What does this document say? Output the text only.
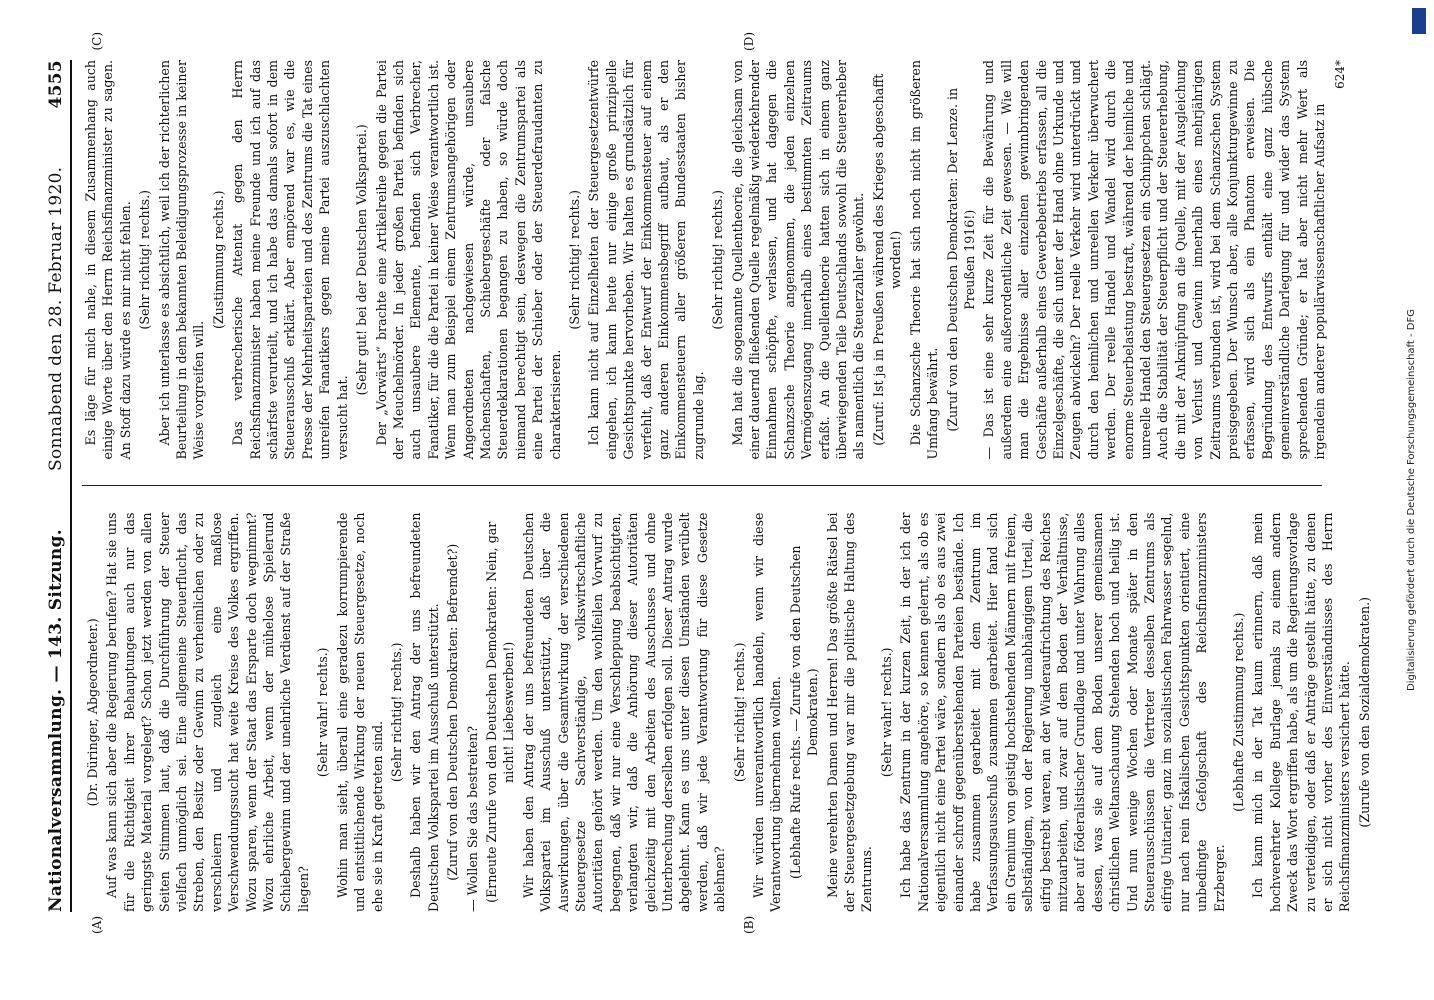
Nationalversammlung. — 143. Sitzung.
Sonnabend den 28. Februar 1920.
4555
(A)	(B)
(C)	(D)

(Dr. Düringer, Abgeordneter.) Auf was kann sich aber die Regierung berufen? Hat sie uns für die Richtigkeit ihrer Behauptungen auch nur das geringste Material vorgelegt? Schon jetzt werden von allen Seiten Stimmen laut, daß die Durchführung der Steuer vielfach unmöglich sei. Eine allgemeine Steuerflucht, das Streben, den Besitz oder Gewinn zu verheimlichen oder zu verschleiern und zugleich eine maßlose Verschwendungssucht hat weite Kreise des Volkes ergriffen. Wozu sparen, wenn der Staat das Ersparte doch wegnimmt? Wozu ehrliche Arbeit, wenn der mühelose Spielerund Schiebergewinn und der unehrliche Verdienst auf der Straße liegen?

(Sehr wahr! rechts.) Wohin man sieht, überall eine geradezu korrumpierende und entsittlichende Wirkung der neuen Steuergesetze, noch ehe sie in Kraft getreten sind.

(Sehr richtig! rechts.) Deshalb haben wir den Antrag der uns befreundeten Deutschen Volkspartei im Ausschuß unterstützt. (Zuruf von den Deutschen Demokraten: Befremdet?) — Wollen Sie das bestreiten? (Erneute Zurufe von den Deutschen Demokraten: Nein, gar nicht! Liebeswerben!) Wir haben den Antrag der uns befreundeten Deutschen Volkspartei im Ausschuß unterstützt, daß über die Auswirkungen, über die Gesamtwirkung der verschiedenen Steuergesetze Sachverständige, volkswirtschaftliche Autoritäten gehört werden. Um den wohlfeilen Vorwurf zu begegnen, daß wir nur eine Verschleppung beabsichtigten, verlangten wir, daß die Anhörung dieser Autoritäten gleichzeitig mit den Arbeiten des Ausschusses und ohne Unterbrechung derselben erfolgen soll. Dieser Antrag wurde abgelehnt. Kann es uns unter diesen Umständen verübelt werden, daß wir jede Verantwortung für diese Gesetze ablehnen?

(Sehr richtig! rechts.) Wir würden unverantwortlich handeln, wenn wir diese Verantwortung übernehmen wollten. (Lebhafte Rufe rechts. — Zurufe von den Deutschen Demokraten.) Meine verehrten Damen und Herren! Das größte Rätsel bei der Steuergesetzgebung war mir die politische Haltung des Zentrums.

(Sehr wahr! rechts.) Ich habe das Zentrum in der kurzen Zeit, in der ich der Nationalversammlung angehöre, so kennen gelernt, als ob es eigentlich nicht eine Partei wäre, sondern als ob es aus zwei einander schroff gegenüberstehenden Parteien bestände. Ich habe zusammen gearbeitet mit dem Zentrum im Verfassungsausschuß zusammen gearbeitet. Hier fand sich ein Gremium von geistig hochstehenden Männern mit freiem, selbständigem, von der Regierung unabhängigem Urteil, die eifrig bestrebt waren, an der Wiederaufrichtung des Reiches mitzuarbeiten, und zwar auf dem Boden der Verhältnisse, aber auf föderalistischer Grundlage und unter Wahrung alles dessen, was sie auf dem Boden unserer gemeinsamen christlichen Weltanschauung Stehenden hoch und heilig ist. Und nun wenige Wochen oder Monate später in den Steuerausschüssen die Vertreter desselben Zentrums als eifrige Unitarier, ganz im sozialistischen Fahrwasser segelnd, nur nach rein fiskalischen Gesichtspunkten orientiert, eine unbedingte Gefolgschaft des Reichsfinanzministers Erzberger.

(Lebhafte Zustimmung rechts.) Ich kann mich in der Tat kaum erinnern, daß mein hochverehrter Kollege Burlage jemals zu einem andern Zweck das Wort ergriffen habe, als um die Regierungsvorlage zu verteidigen, oder daß er Anträge gestellt hätte, zu denen er sich nicht vorher des Einverständnisses des Herrn Reichsfinanzministers versichert hätte. (Zurufe von den Sozialdemokraten.)

Es läge für mich nahe, in diesem Zusammenhang auch einige Worte über den Herrn Reichsfinanzminister zu sagen. An Stoff dazu würde es mir nicht fehlen. (Sehr richtig! rechts.) Aber ich unterlasse es absichtlich, weil ich der richterlichen Beurteilung in dem bekannten Beleidigungsprozesse in keiner Weise vorgreifen will.

(Zustimmung rechts.) Das verbrecherische Attentat gegen den Herrn Reichsfinanzminister haben meine Freunde und ich auf das schärfste verurteilt, und ich habe das damals sofort in dem Steuerausschuß erklärt. Aber empörend war es, wie die Presse der Mehrheitsparteien und des Zentrums die Tat eines unreifen Fanatikers gegen meine Partei auszuschlachten versucht hat.

(Sehr gut! bei der Deutschen Volkspartei.) Der „Vorwärts“ brachte eine Artikelreihe gegen die Partei der Meuchelmörder. In jeder großen Partei befinden sich auch unsaubere Elemente, befinden sich Verbrecher, Fanatiker, für die die Partei in keiner Weise verantwortlich ist. Wenn man zum Beispiel einem Zentrumsangehörigen oder Angeordneten nachgewiesen würde, unsaubere Machenschaften, Schiebergeschäfte oder falsche Steuerdeklarationen begangen zu haben, so würde doch niemand berechtigt sein, deswegen die Zentrumspartei als eine Partei der Schieber oder der Steuerdefraudanten zu charakterisieren.

(Sehr richtig! rechts.) Ich kann nicht auf Einzelheiten der Steuergesetzentwürfe eingehen, ich kann heute nur einige große prinzipielle Gesichtspunkte hervorheben. Wir halten es grundsätzlich für verfehlt, daß der Entwurf der Einkommensteuer auf einem ganz anderen Einkommensbegriff aufbaut, als er den Einkommensteuern aller größeren Bundesstaaten bisher zugrunde lag.

(Sehr richtig! rechts.) Man hat die sogenannte Quellentheorie, die gleichsam von einer dauernd fließenden Quelle regelmäßig wiederkehrender Einnahmen schöpfte, verlassen, und hat dagegen die Schanzsche Theorie angenommen, die jeden einzelnen Vermögenszugang innerhalb eines bestimmten Zeitraums erfaßt. An die Quellentheorie hatten sich in einem ganz überwiegenden Teile Deutschlands sowohl die Steuererheber als namentlich die Steuerzahler gewöhnt. (Zuruf: Ist ja in Preußen während des Krieges abgeschafft worden!) Die Schanzsche Theorie hat sich noch nicht im größeren Umfang bewährt. (Zuruf von den Deutschen Demokraten: Der Lenze. in Preußen 1916!) — Das ist eine sehr kurze Zeit für die Bewährung und außerdem eine außerordentliche Zeit gewesen. — Wie will man die Ergebnisse aller einzelnen gewinnbringenden Geschäfte außerhalb eines Gewerbebetriebs erfassen, all die Einzelgeschäfte, die sich unter der Hand ohne Urkunde und Zeugen abwickeln? Der reelle Verkehr wird unterdrückt und durch den heimlichen und unreellen Verkehr überwuchert werden. Der reelle Handel und Wandel wird durch die enorme Steuerbelastung bestraft, während der heimliche und unreelle Handel den Steuergesetzen ein Schnippchen schlägt. Auch die Stabilität der Steuerpflicht und der Steuererhebung, die mit der Anknüpfung an die Quelle, mit der Ausgleichung von Verlust und Gewinn innerhalb eines mehrjährigen Zeitraums verbunden ist, wird bei dem Schanzschen System preisgegeben. Der Wunsch aber, alle Konjunkturgewinne zu erfassen, wird sich als ein Phantom erweisen. Die Begründung des Entwurfs enthält eine ganz hübsche gemeinverständliche Darlegung für und wider das System sprechenden Gründe; er hat aber nicht mehr Wert als irgendein anderer populärwissenschaftlicher Aufsatz in

624*
Digitalisierung gefördert durch die Deutsche Forschungsgemeinschaft - DFG
